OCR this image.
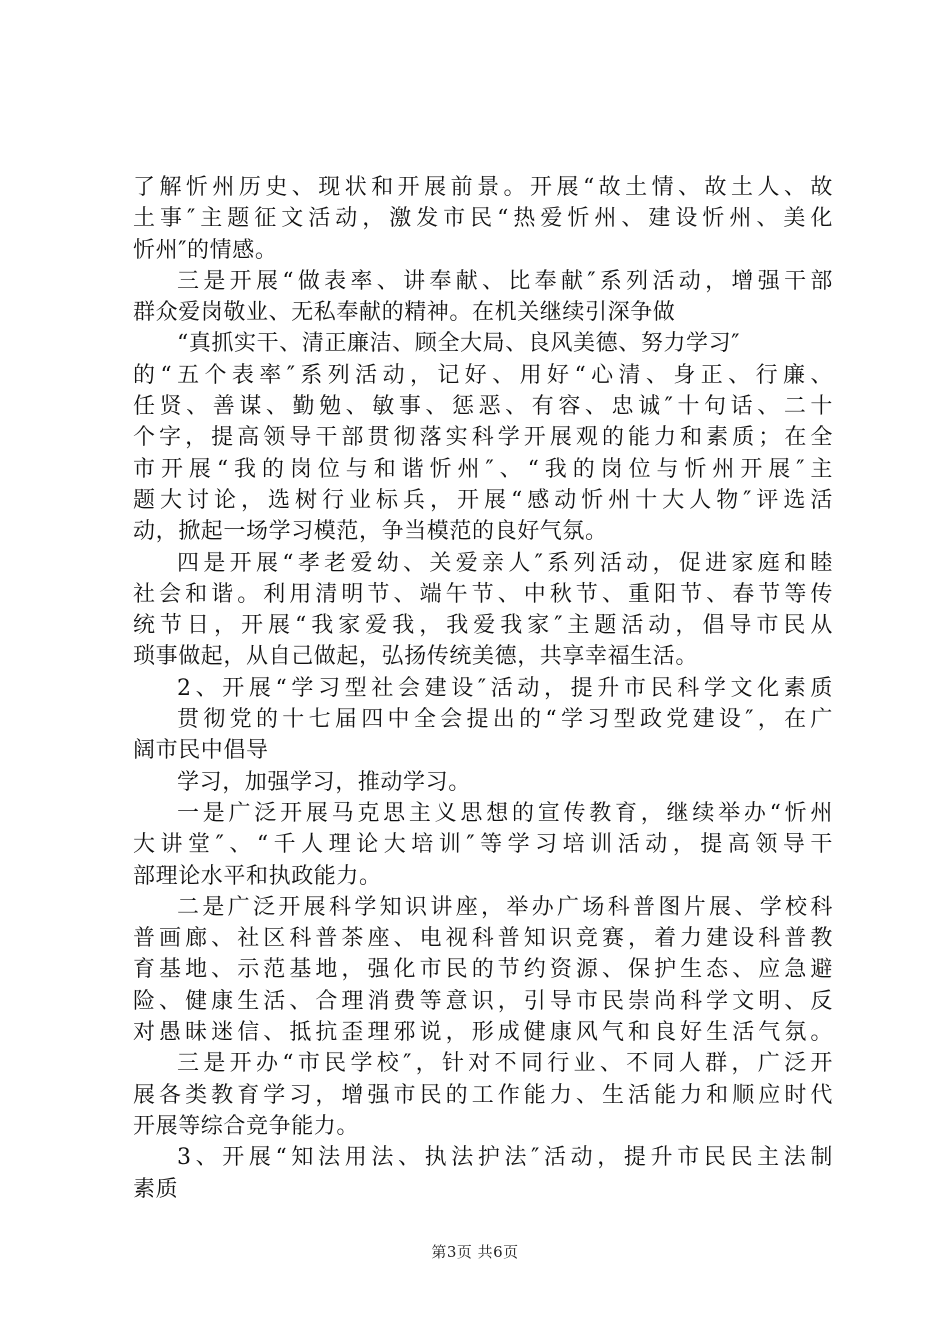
了解忻州历史、现状和开展前景。开展“故土情、故土人、故
土事″主题征文活动，激发市民“热爱忻州、建设忻州、美化
忻州″的情感。
三是开展“做表率、讲奉献、比奉献″系列活动，增强干部
群众爱岗敬业、无私奉献的精神。在机关继续引深争做
“真抓实干、清正廉洁、顾全大局、良风美德、努力学习″
的“五个表率″系列活动，记好、用好“心清、身正、行廉、
任贤、善谋、勤勉、敏事、惩恶、有容、忠诚″十句话、二十
个字，提高领导干部贯彻落实科学开展观的能力和素质；在全
市开展“我的岗位与和谐忻州″、“我的岗位与忻州开展″主
题大讨论，选树行业标兵，开展“感动忻州十大人物″评选活
动，掀起一场学习模范，争当模范的良好气氛。
四是开展“孝老爱幼、关爱亲人″系列活动，促进家庭和睦
社会和谐。利用清明节、端午节、中秋节、重阳节、春节等传
统节日，开展“我家爱我，我爱我家″主题活动，倡导市民从
琐事做起，从自己做起，弘扬传统美德，共享幸福生活。
2、开展“学习型社会建设″活动，提升市民科学文化素质
贯彻党的十七届四中全会提出的“学习型政党建设″，在广
阔市民中倡导
学习，加强学习，推动学习。
一是广泛开展马克思主义思想的宣传教育，继续举办“忻州
大讲堂″、“千人理论大培训″等学习培训活动，提高领导干
部理论水平和执政能力。
二是广泛开展科学知识讲座，举办广场科普图片展、学校科
普画廊、社区科普茶座、电视科普知识竞赛，着力建设科普教
育基地、示范基地，强化市民的节约资源、保护生态、应急避
险、健康生活、合理消费等意识，引导市民崇尚科学文明、反
对愚昧迷信、抵抗歪理邪说，形成健康风气和良好生活气氛。
三是开办“市民学校″，针对不同行业、不同人群，广泛开
展各类教育学习，增强市民的工作能力、生活能力和顺应时代
开展等综合竞争能力。
3、开展“知法用法、执法护法″活动，提升市民民主法制
素质
第3页 共6页
